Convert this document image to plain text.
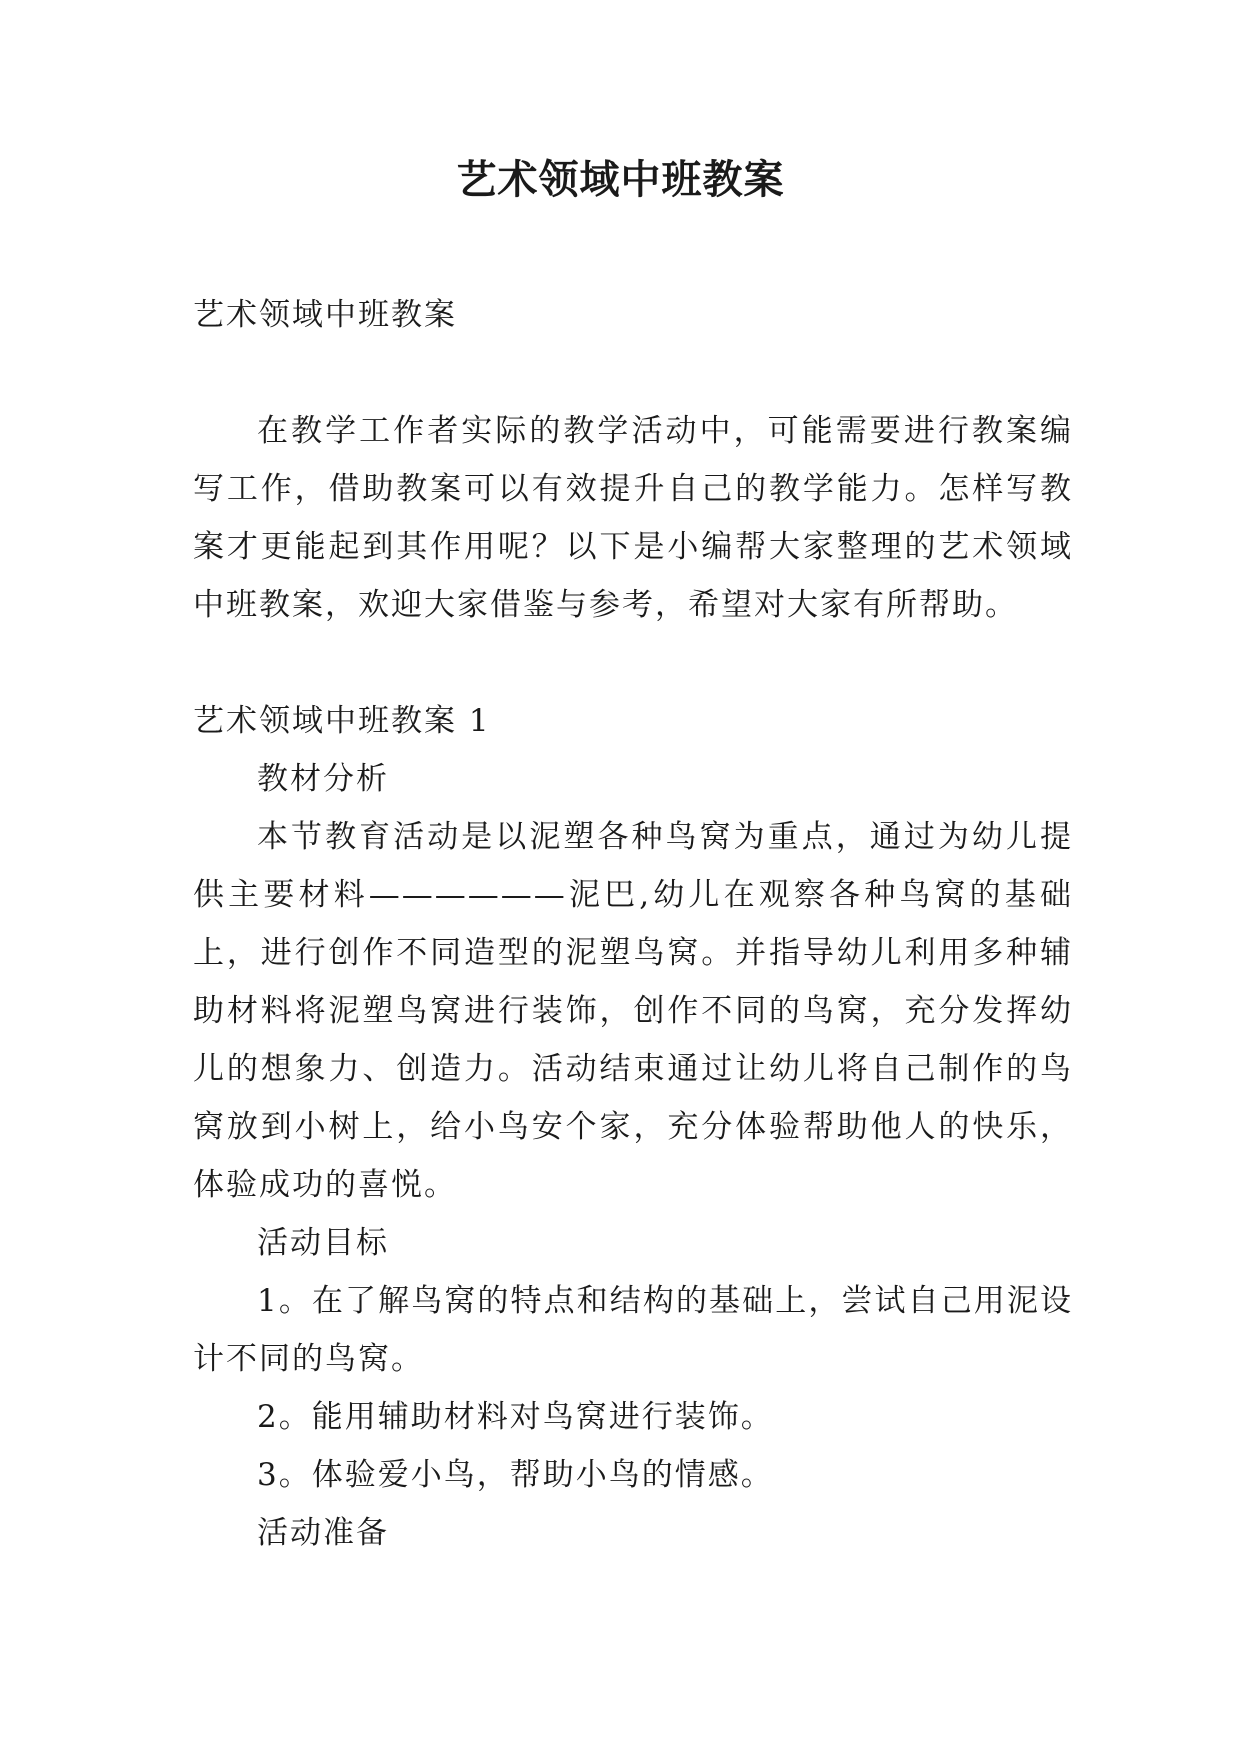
艺术领域中班教案

艺术领域中班教案

在教学工作者实际的教学活动中，可能需要进行教案编写工作，借助教案可以有效提升自己的教学能力。怎样写教案才更能起到其作用呢？以下是小编帮大家整理的艺术领域中班教案，欢迎大家借鉴与参考，希望对大家有所帮助。

艺术领域中班教案 1

教材分析

本节教育活动是以泥塑各种鸟窝为重点，通过为幼儿提供主要材料——————泥巴,幼儿在观察各种鸟窝的基础上，进行创作不同造型的泥塑鸟窝。并指导幼儿利用多种辅助材料将泥塑鸟窝进行装饰，创作不同的鸟窝，充分发挥幼儿的想象力、创造力。活动结束通过让幼儿将自己制作的鸟窝放到小树上，给小鸟安个家，充分体验帮助他人的快乐，体验成功的喜悦。

活动目标

1。在了解鸟窝的特点和结构的基础上，尝试自己用泥设计不同的鸟窝。

2。能用辅助材料对鸟窝进行装饰。

3。体验爱小鸟，帮助小鸟的情感。

活动准备
